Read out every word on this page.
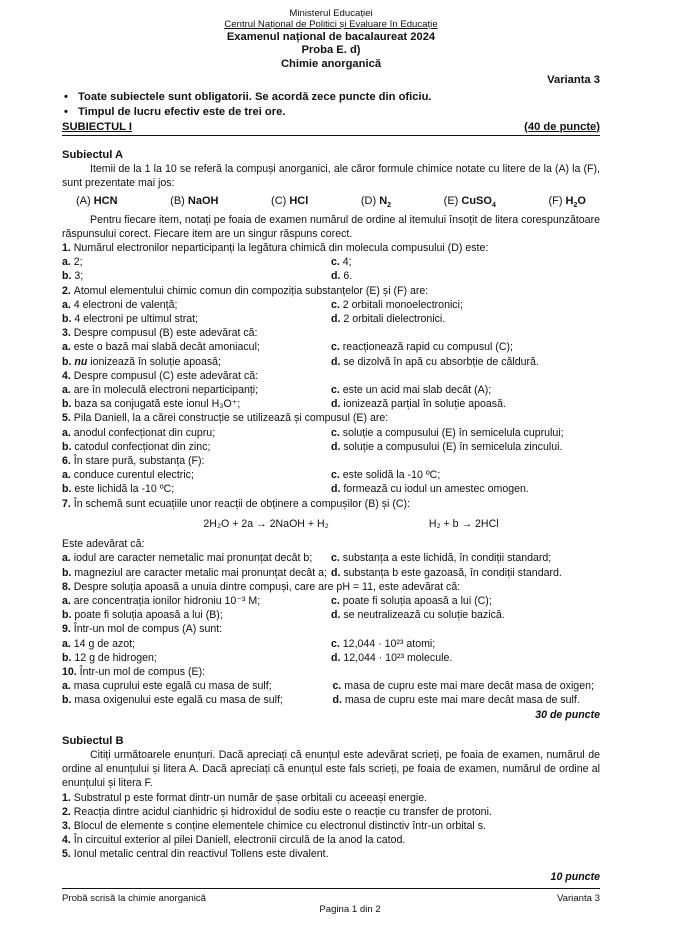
Ministerul Educației
Centrul Național de Politici și Evaluare în Educație
Examenul național de bacalaureat 2024
Proba E. d)
Chimie anorganică
Varianta 3
• Toate subiectele sunt obligatorii. Se acordă zece puncte din oficiu.
• Timpul de lucru efectiv este de trei ore.
SUBIECTUL I	(40 de puncte)
Subiectul A

Itemii de la 1 la 10 se referă la compuși anorganici, ale căror formule chimice notate cu litere de la (A) la (F), sunt prezentate mai jos:

(A) HCN	(B) NaOH	(C) HCl	(D) $N_2$	(E) CuSO$_4$	(F) $H_2O$

Pentru fiecare item, notați pe foaia de examen numărul de ordine al itemului însoțit de litera corespunzătoare răspunsului corect. Fiecare item are un singur răspuns corect.

1. Numărul electronilor neparticipanți la legătura chimică din molecula compusului (D) este:
a. 2;	c. 4;
b. 3;	d. 6.
2. Atomul elementului chimic comun din compoziția substanțelor (E) și (F) are:
a. 4 electroni de valență;	c. 2 orbitali monoelectronici;
b. 4 electroni pe ultimul strat;	d. 2 orbitali dielectronici.
3. Despre compusul (B) este adevărat că:
a. este o bază mai slabă decât amoniacul;	c. reacționează rapid cu compusul (C);
b. nu ionizează în soluție apoasă;	d. se dizolvă în apă cu absorbție de căldură.
4. Despre compusul (C) este adevărat că:
a. are în moleculă electroni neparticipanți;	c. este un acid mai slab decât (A);
b. baza sa conjugată este ionul H₃O⁺;	d. ionizează parțial în soluție apoasă.
5. Pila Daniell, la a cărei construcție se utilizează și compusul (E) are:
a. anodul confecționat din cupru;	c. soluție a compusului (E) în semicelula cuprului;
b. catodul confecționat din zinc;	d. soluție a compusului (E) în semicelula zincului.
6. În stare pură, substanța (F):
a. conduce curentul electric;	c. este solidă la -10 ºC;
b. este lichidă la -10 ºC;	d. formează cu iodul un amestec omogen.
7. În schemă sunt ecuațiile unor reacții de obținere a compușilor (B) și (C):
2H₂O + 2a → 2NaOH + H₂	H₂ + b → 2HCl
Este adevărat că:
a. iodul are caracter nemetalic mai pronunțat decât b;	c. substanța a este lichidă, în condiții standard;
b. magneziul are caracter metalic mai pronunțat decât a; d. substanța b este gazoasă, în condiții standard.
8. Despre soluția apoasă a unuia dintre compuși, care are pH = 11, este adevărat că:
a. are concentrația ionilor hidroniu 10⁻³ M;	c. poate fi soluția apoasă a lui (C);
b. poate fi soluția apoasă a lui (B);	d. se neutralizează cu soluție bazică.
9. Într-un mol de compus (A) sunt:
a. 14 g de azot;	c. 12,044 · 10²³ atomi;
b. 12 g de hidrogen;	d. 12,044 · 10²³ molecule.
10. Într-un mol de compus (E):
a. masa cuprului este egală cu masa de sulf;	c. masa de cupru este mai mare decât masa de oxigen;
b. masa oxigenului este egală cu masa de sulf;	d. masa de cupru este mai mare decât masa de sulf.
30 de puncte
Subiectul B

Citiți următoarele enunțuri. Dacă apreciați că enunțul este adevărat scrieți, pe foaia de examen, numărul de ordine al enunțului și litera A. Dacă apreciați că enunțul este fals scrieți, pe foaia de examen, numărul de ordine al enunțului și litera F.

1. Substratul p este format dintr-un număr de șase orbitali cu aceeași energie.
2. Reacția dintre acidul cianhidric și hidroxidul de sodiu este o reacție cu transfer de protoni.
3. Blocul de elemente s conține elementele chimice cu electronul distinctiv într-un orbital s.
4. În circuitul exterior al pilei Daniell, electronii circulă de la anod la catod.
5. Ionul metalic central din reactivul Tollens este divalent.
10 puncte
Probă scrisă la chimie anorganică	Varianta 3
Pagina 1 din 2
